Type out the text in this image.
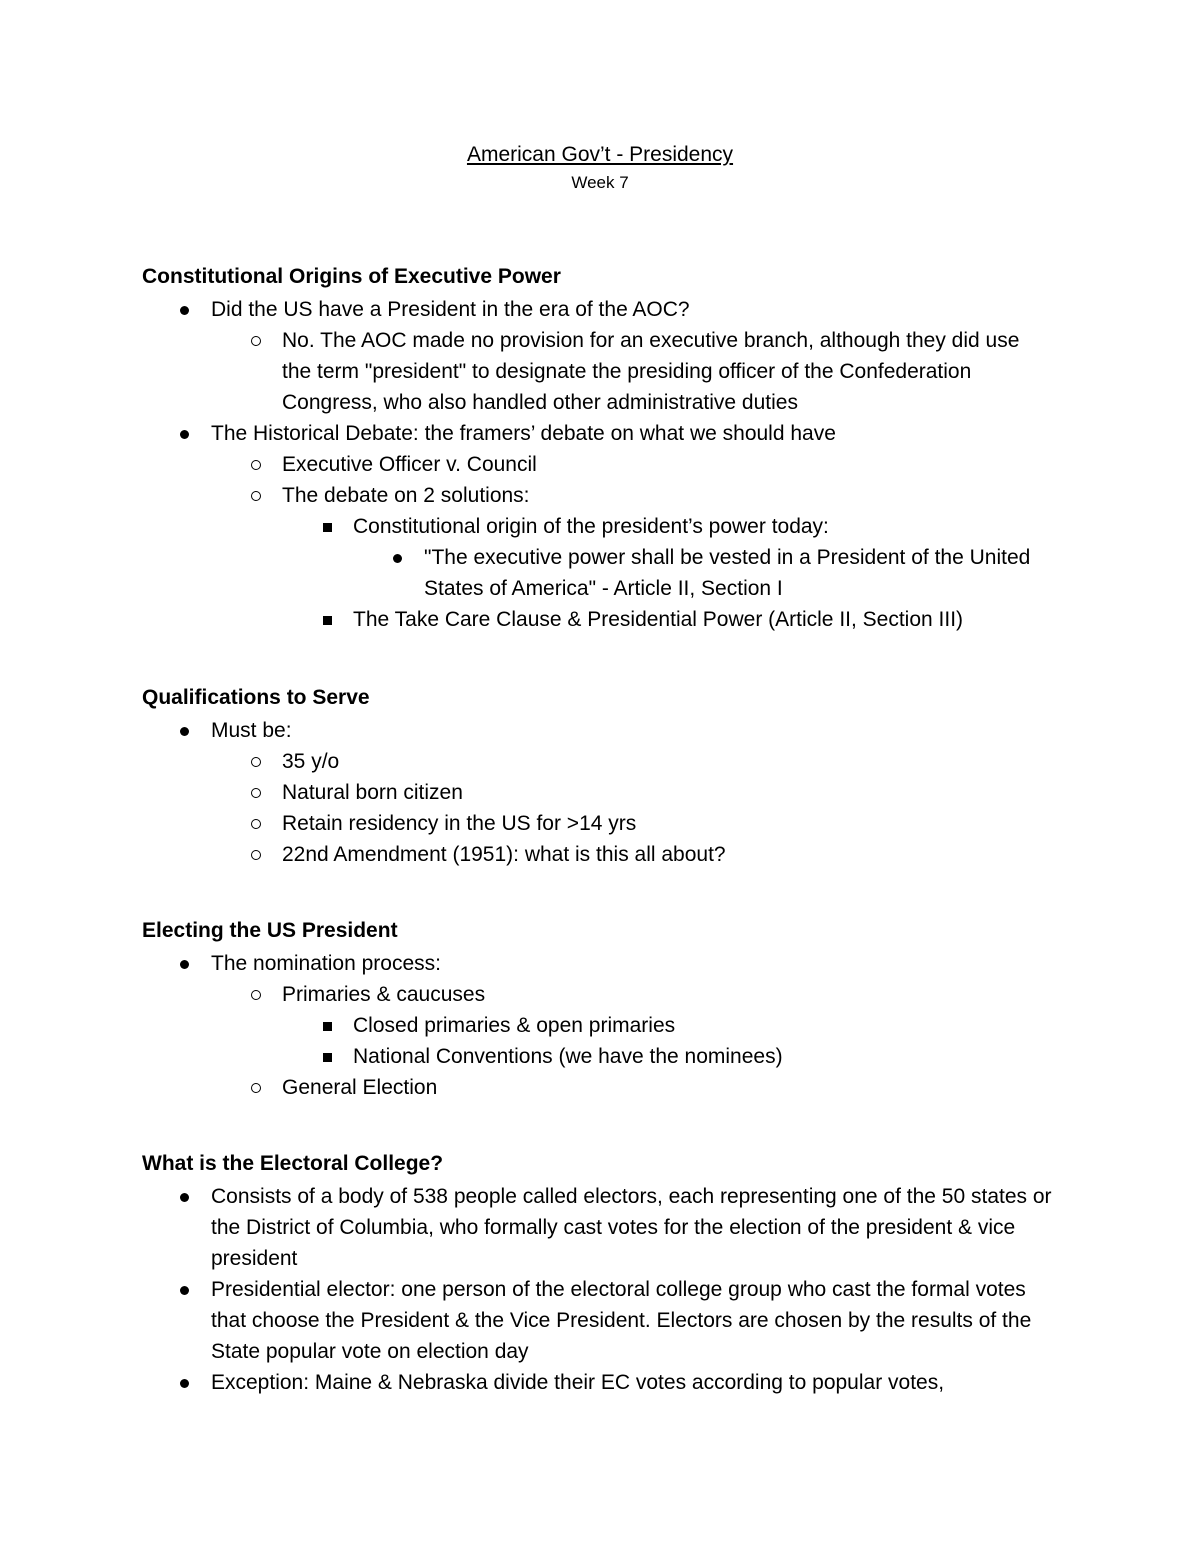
American Gov’t - Presidency
Week 7
Constitutional Origins of Executive Power
Did the US have a President in the era of the AOC?
No. The AOC made no provision for an executive branch, although they did use the term "president" to designate the presiding officer of the Confederation Congress, who also handled other administrative duties
The Historical Debate: the framers’ debate on what we should have
Executive Officer v. Council
The debate on 2 solutions:
Constitutional origin of the president’s power today:
"The executive power shall be vested in a President of the United States of America" - Article II, Section I
The Take Care Clause & Presidential Power (Article II, Section III)
Qualifications to Serve
Must be:
35 y/o
Natural born citizen
Retain residency in the US for >14 yrs
22nd Amendment (1951): what is this all about?
Electing the US President
The nomination process:
Primaries & caucuses
Closed primaries & open primaries
National Conventions (we have the nominees)
General Election
What is the Electoral College?
Consists of a body of 538 people called electors, each representing one of the 50 states or the District of Columbia, who formally cast votes for the election of the president & vice president
Presidential elector: one person of the electoral college group who cast the formal votes that choose the President & the Vice President. Electors are chosen by the results of the State popular vote on election day
Exception: Maine & Nebraska divide their EC votes according to popular votes,
